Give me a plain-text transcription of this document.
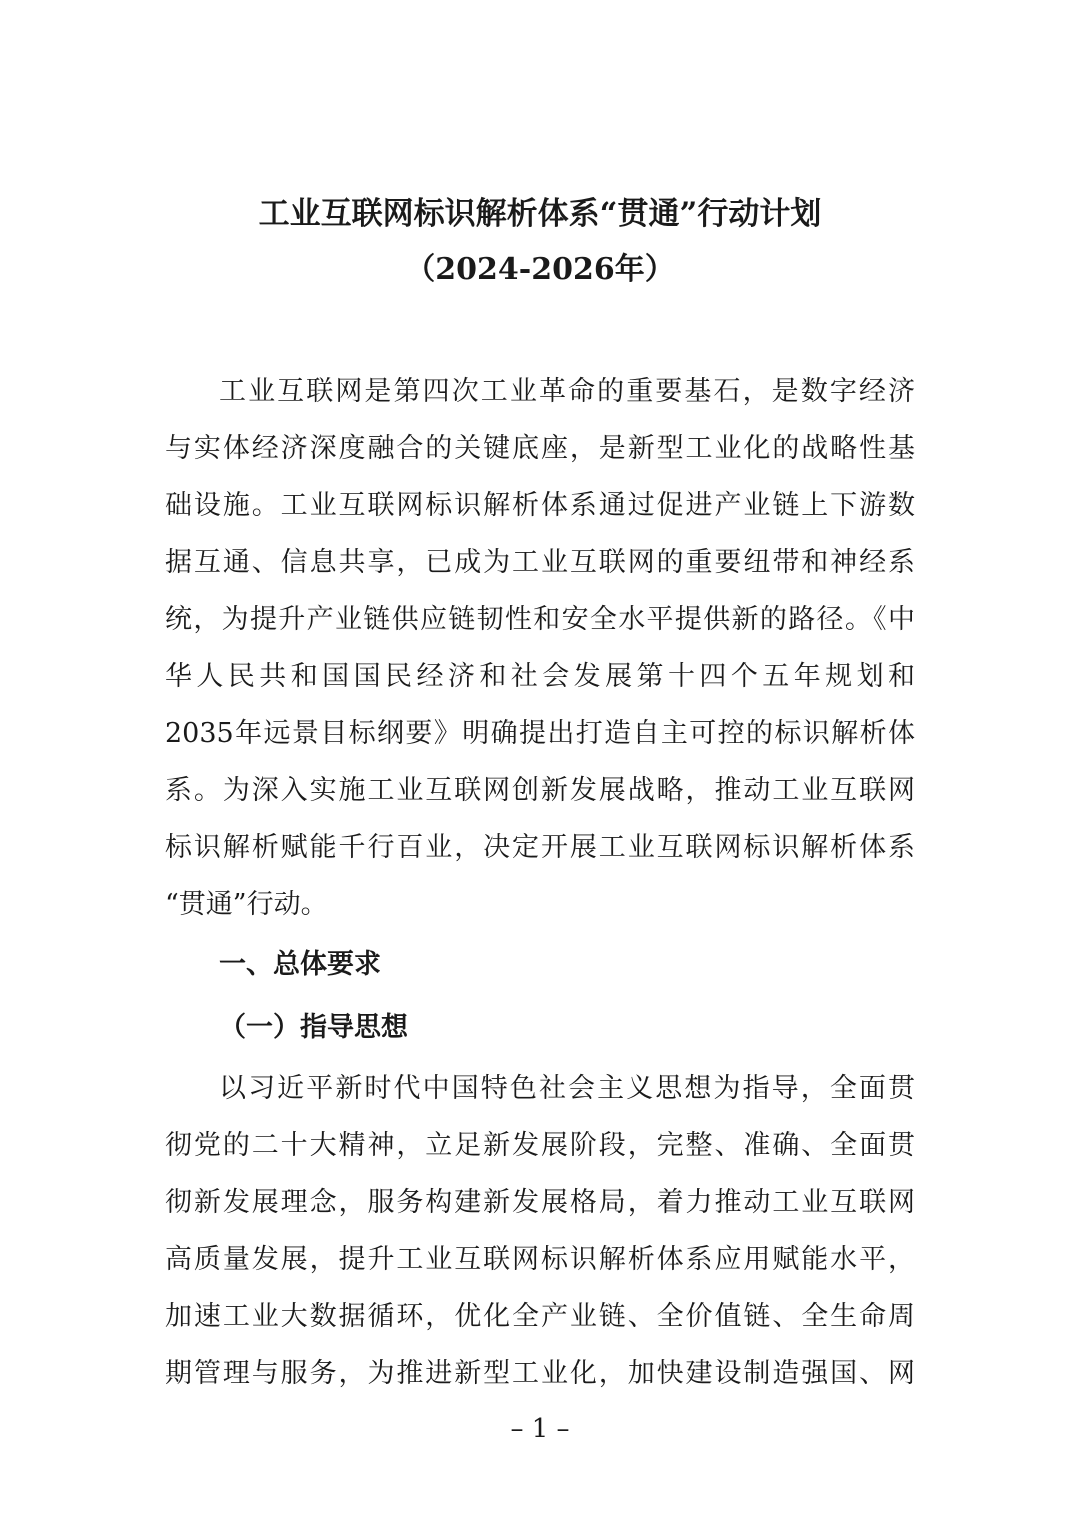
工业互联网标识解析体系“贯通”行动计划
（2024-2026年）
工业互联网是第四次工业革命的重要基石，是数字经济
与实体经济深度融合的关键底座，是新型工业化的战略性基
础设施。工业互联网标识解析体系通过促进产业链上下游数
据互通、信息共享，已成为工业互联网的重要纽带和神经系
统，为提升产业链供应链韧性和安全水平提供新的路径。《中
华人民共和国国民经济和社会发展第十四个五年规划和
2035年远景目标纲要》明确提出打造自主可控的标识解析体
系。为深入实施工业互联网创新发展战略，推动工业互联网
标识解析赋能千行百业，决定开展工业互联网标识解析体系
“贯通”行动。
一、总体要求
（一）指导思想
以习近平新时代中国特色社会主义思想为指导，全面贯
彻党的二十大精神，立足新发展阶段，完整、准确、全面贯
彻新发展理念，服务构建新发展格局，着力推动工业互联网
高质量发展，提升工业互联网标识解析体系应用赋能水平，
加速工业大数据循环，优化全产业链、全价值链、全生命周
期管理与服务，为推进新型工业化，加快建设制造强国、网
– 1 –
